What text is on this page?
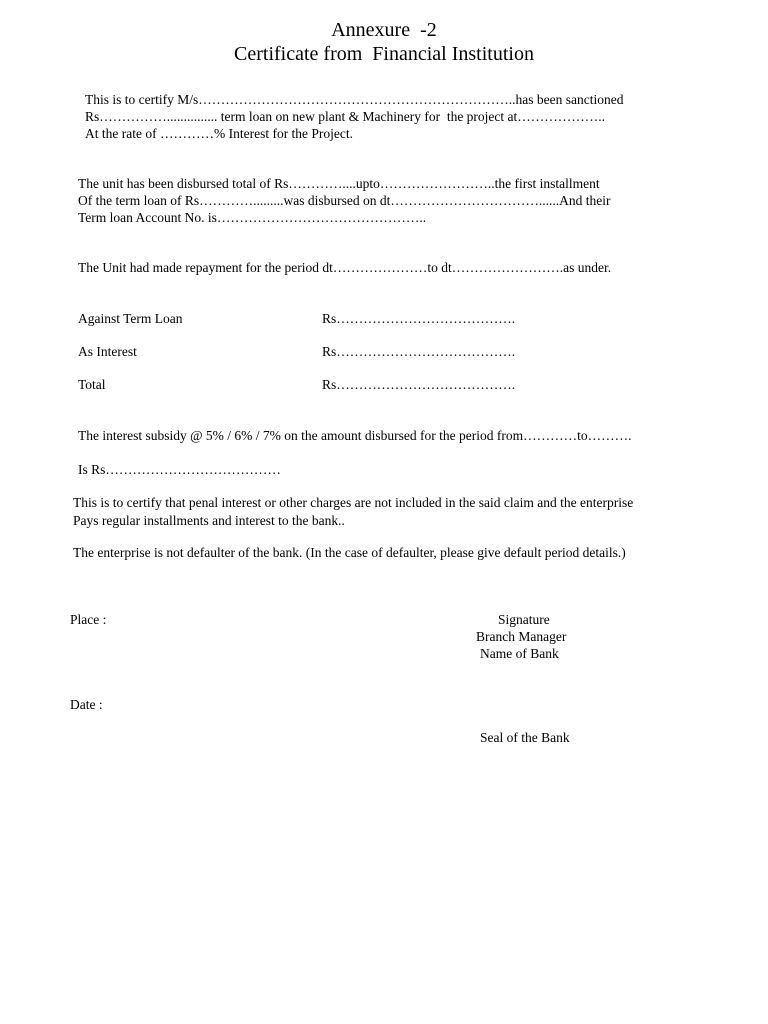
Annexure  -2
Certificate from  Financial Institution
This is to certify M/s……………………………………………………………..has been sanctioned
Rs……………............... term loan on new plant & Machinery for  the project at………………..
At the rate of …………% Interest for the Project.
The unit has been disbursed total of Rs…………....upto……………………..the first installment
Of the term loan of Rs………….........was disbursed on dt……………………………......And their
Term loan Account No. is………………………………………..
The Unit had made repayment for the period dt…………………to dt…………………….as under.
Against Term Loan	Rs………………………………….
As Interest	Rs………………………………….
Total	Rs………………………………….
The interest subsidy @ 5% / 6% / 7% on the amount disbursed for the period from…………to……….
Is Rs…………………………………
This is to certify that penal interest or other charges are not included in the said claim and the enterprise
Pays regular installments and interest to the bank..
The enterprise is not defaulter of the bank. (In the case of defaulter, please give default period details.)
Place :	Signature
Branch Manager
Name of Bank
Date :
Seal of the Bank
